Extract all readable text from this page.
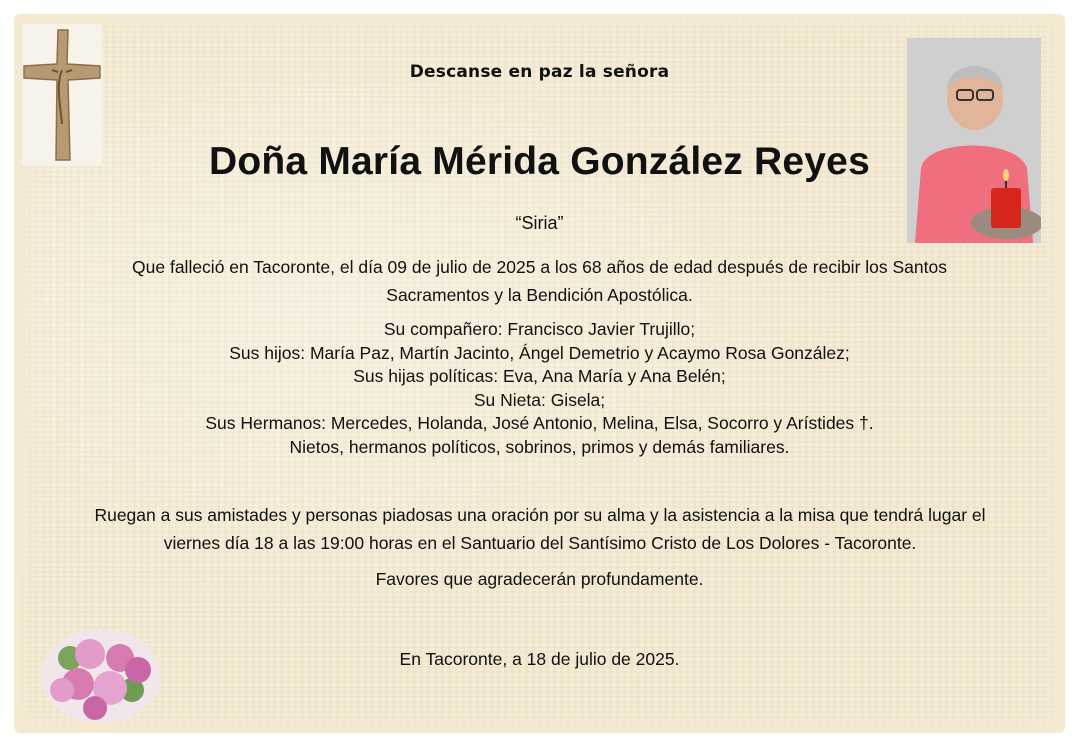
Descanse en paz la señora
Doña María Mérida González Reyes
“Siria”
Que falleció en Tacoronte, el día 09 de julio de 2025 a los 68 años de edad después de recibir los Santos
Sacramentos y la Bendición Apostólica.
Su compañero: Francisco Javier Trujillo;
Sus hijos: María Paz, Martín Jacinto, Ángel Demetrio y Acaymo Rosa González;
Sus hijas políticas: Eva, Ana María y Ana Belén;
Su Nieta: Gisela;
Sus Hermanos: Mercedes, Holanda, José Antonio, Melina, Elsa, Socorro y Arístides †.
Nietos, hermanos políticos, sobrinos, primos y demás familiares.
Ruegan a sus amistades y personas piadosas una oración por su alma y la asistencia a la misa que tendrá lugar el
viernes día 18 a las 19:00 horas en el Santuario del Santísimo Cristo de Los Dolores - Tacoronte.
Favores que agradecerán profundamente.
En Tacoronte, a 18 de julio de 2025.
